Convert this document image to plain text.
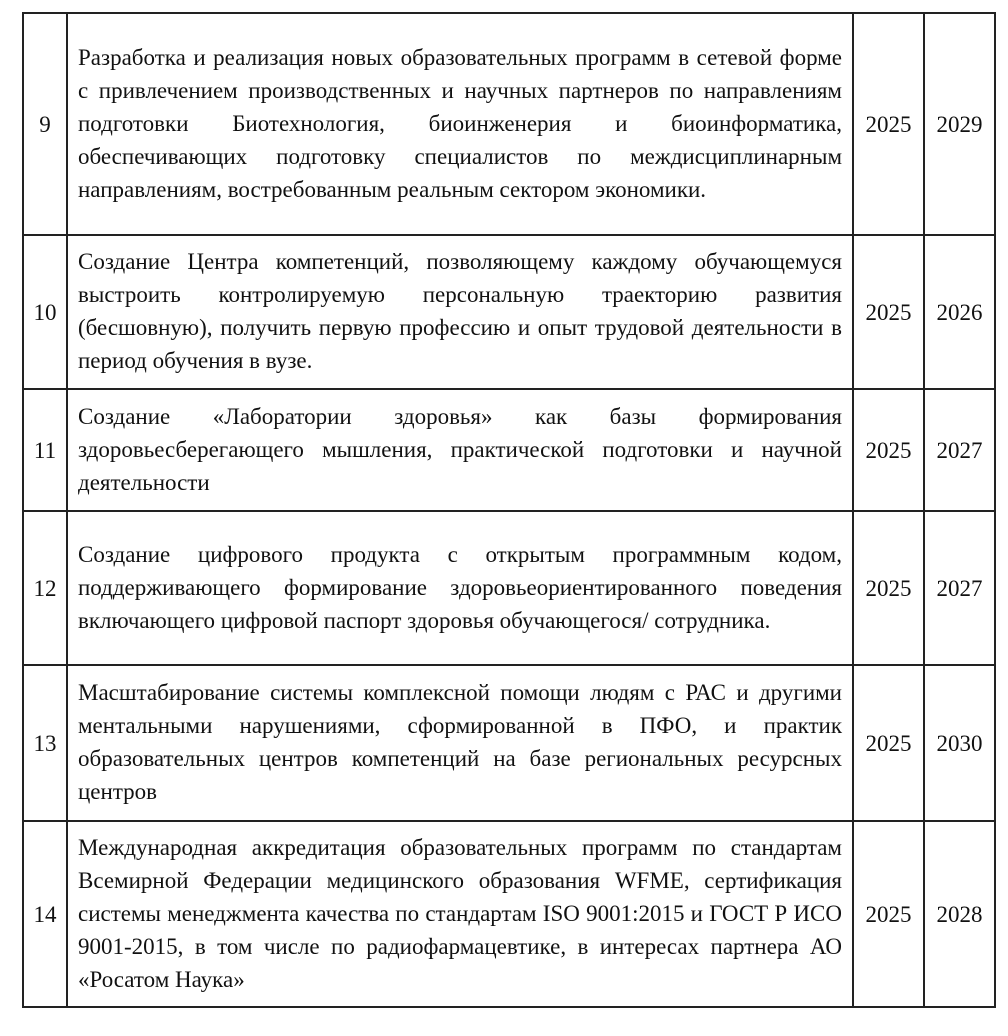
9	Разработка и реализация новых образовательных программ в сетевой форме с привлечением производственных и научных партнеров по направлениям подготовки Биотехнология, биоинженерия и биоинформатика, обеспечивающих подготовку специалистов по междисциплинарным направлениям, востребованным реальным сектором экономики.	2025	2029
10	Создание Центра компетенций, позволяющему каждому обучающемуся выстроить контролируемую персональную траекторию развития (бесшовную), получить первую профессию и опыт трудовой деятельности в период обучения в вузе.	2025	2026
11	Создание «Лаборатории здоровья» как базы формирования здоровьесберегающего мышления, практической подготовки и научной деятельности	2025	2027
12	Создание цифрового продукта с открытым программным кодом, поддерживающего формирование здоровьеориентированного поведения включающего цифровой паспорт здоровья обучающегося/ сотрудника.	2025	2027
13	Масштабирование системы комплексной помощи людям с РАС и другими ментальными нарушениями, сформированной в ПФО, и практик образовательных центров компетенций на базе региональных ресурсных центров	2025	2030
14	Международная аккредитация образовательных программ по стандартам Всемирной Федерации медицинского образования WFME, сертификация системы менеджмента качества по стандартам ISO 9001:2015 и ГОСТ Р ИСО 9001-2015, в том числе по радиофармацевтике, в интересах партнера АО «Росатом Наука»	2025	2028
